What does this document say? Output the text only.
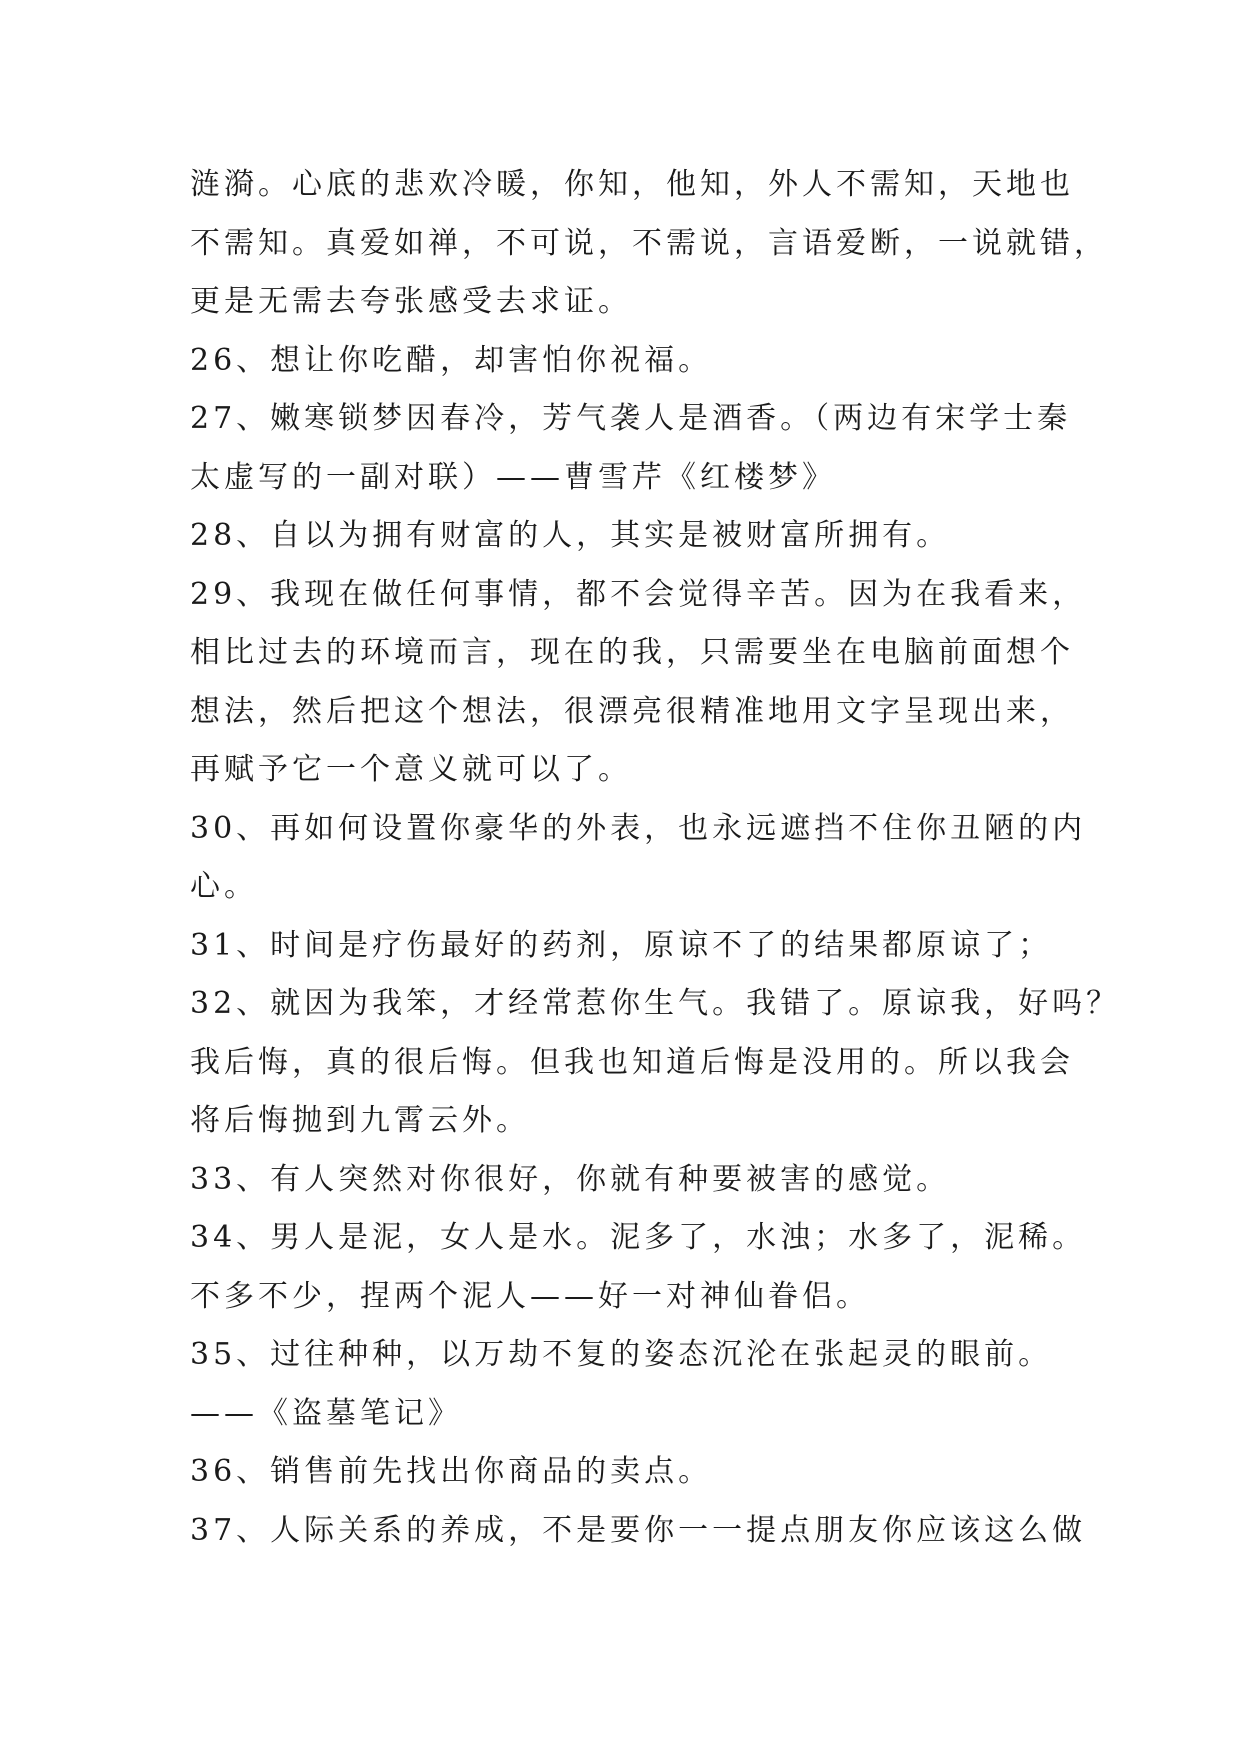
涟漪。心底的悲欢冷暖，你知，他知，外人不需知，天地也
不需知。真爱如禅，不可说，不需说，言语爱断，一说就错，
更是无需去夸张感受去求证。
26、想让你吃醋，却害怕你祝福。
27、嫩寒锁梦因春冷，芳气袭人是酒香。（两边有宋学士秦
太虚写的一副对联）——曹雪芹《红楼梦》
28、自以为拥有财富的人，其实是被财富所拥有。
29、我现在做任何事情，都不会觉得辛苦。因为在我看来，
相比过去的环境而言，现在的我，只需要坐在电脑前面想个
想法，然后把这个想法，很漂亮很精准地用文字呈现出来，
再赋予它一个意义就可以了。
30、再如何设置你豪华的外表，也永远遮挡不住你丑陋的内
心。
31、时间是疗伤最好的药剂，原谅不了的结果都原谅了；
32、就因为我笨，才经常惹你生气。我错了。原谅我，好吗？
我后悔，真的很后悔。但我也知道后悔是没用的。所以我会
将后悔抛到九霄云外。
33、有人突然对你很好，你就有种要被害的感觉。
34、男人是泥，女人是水。泥多了，水浊；水多了，泥稀。
不多不少，捏两个泥人——好一对神仙眷侣。
35、过往种种，以万劫不复的姿态沉沦在张起灵的眼前。
——《盗墓笔记》
36、销售前先找出你商品的卖点。
37、人际关系的养成，不是要你一一提点朋友你应该这么做
